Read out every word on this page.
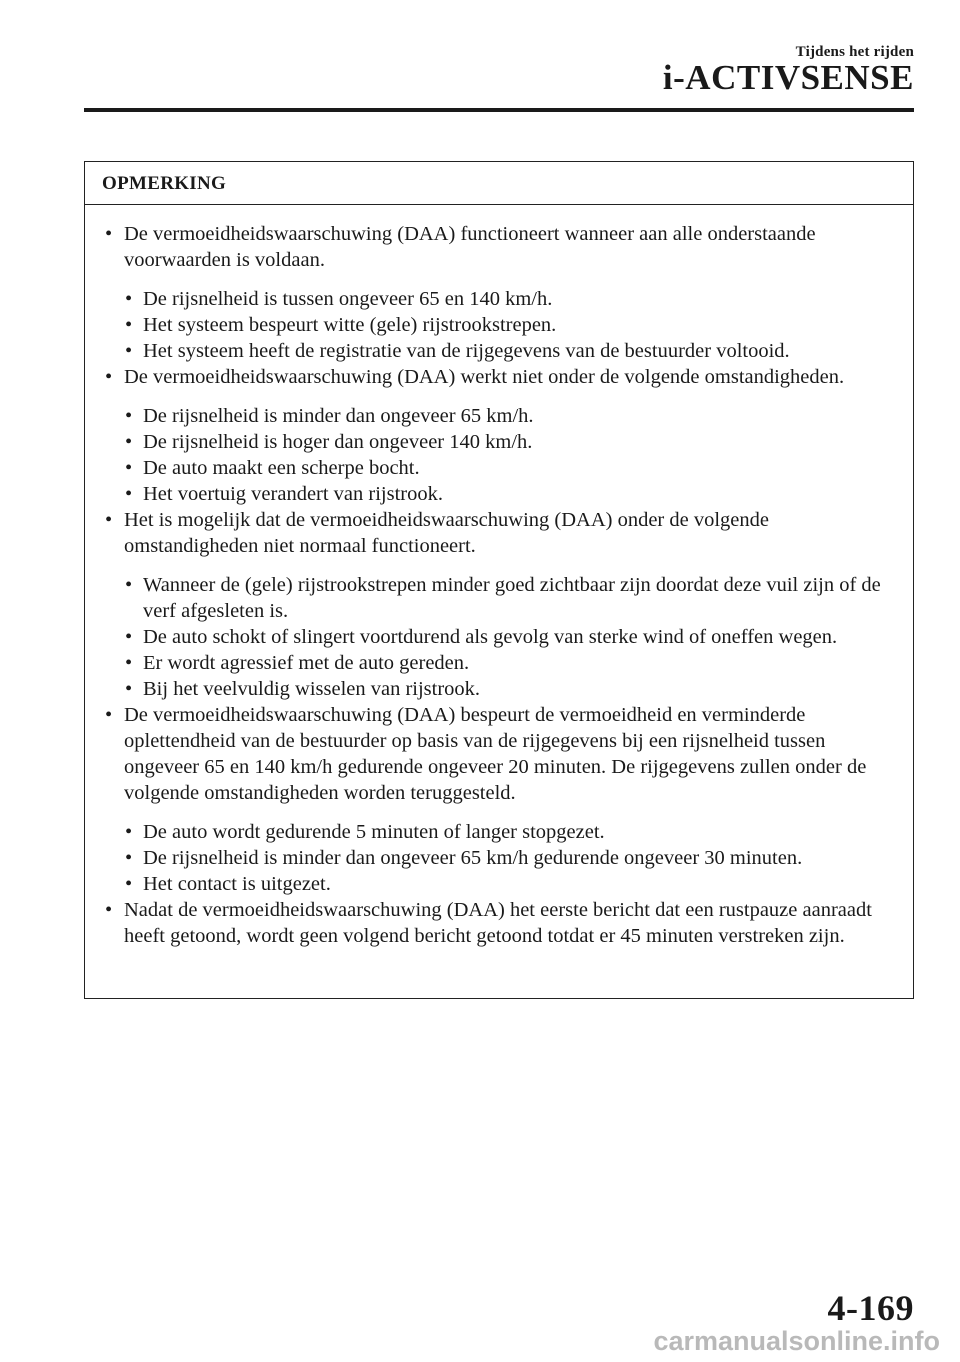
Tijdens het rijden
i-ACTIVSENSE
OPMERKING
• De vermoeidheidswaarschuwing (DAA) functioneert wanneer aan alle onderstaande voorwaarden is voldaan.
• De rijsnelheid is tussen ongeveer 65 en 140 km/h.
• Het systeem bespeurt witte (gele) rijstrookstrepen.
• Het systeem heeft de registratie van de rijgegevens van de bestuurder voltooid.
• De vermoeidheidswaarschuwing (DAA) werkt niet onder de volgende omstandigheden.
• De rijsnelheid is minder dan ongeveer 65 km/h.
• De rijsnelheid is hoger dan ongeveer 140 km/h.
• De auto maakt een scherpe bocht.
• Het voertuig verandert van rijstrook.
• Het is mogelijk dat de vermoeidheidswaarschuwing (DAA) onder de volgende omstandigheden niet normaal functioneert.
• Wanneer de (gele) rijstrookstrepen minder goed zichtbaar zijn doordat deze vuil zijn of de verf afgesleten is.
• De auto schokt of slingert voortdurend als gevolg van sterke wind of oneffen wegen.
• Er wordt agressief met de auto gereden.
• Bij het veelvuldig wisselen van rijstrook.
• De vermoeidheidswaarschuwing (DAA) bespeurt de vermoeidheid en verminderde oplettendheid van de bestuurder op basis van de rijgegevens bij een rijsnelheid tussen ongeveer 65 en 140 km/h gedurende ongeveer 20 minuten. De rijgegevens zullen onder de volgende omstandigheden worden teruggesteld.
• De auto wordt gedurende 5 minuten of langer stopgezet.
• De rijsnelheid is minder dan ongeveer 65 km/h gedurende ongeveer 30 minuten.
• Het contact is uitgezet.
• Nadat de vermoeidheidswaarschuwing (DAA) het eerste bericht dat een rustpauze aanraadt heeft getoond, wordt geen volgend bericht getoond totdat er 45 minuten verstreken zijn.
4-169
carmanualsonline.info
